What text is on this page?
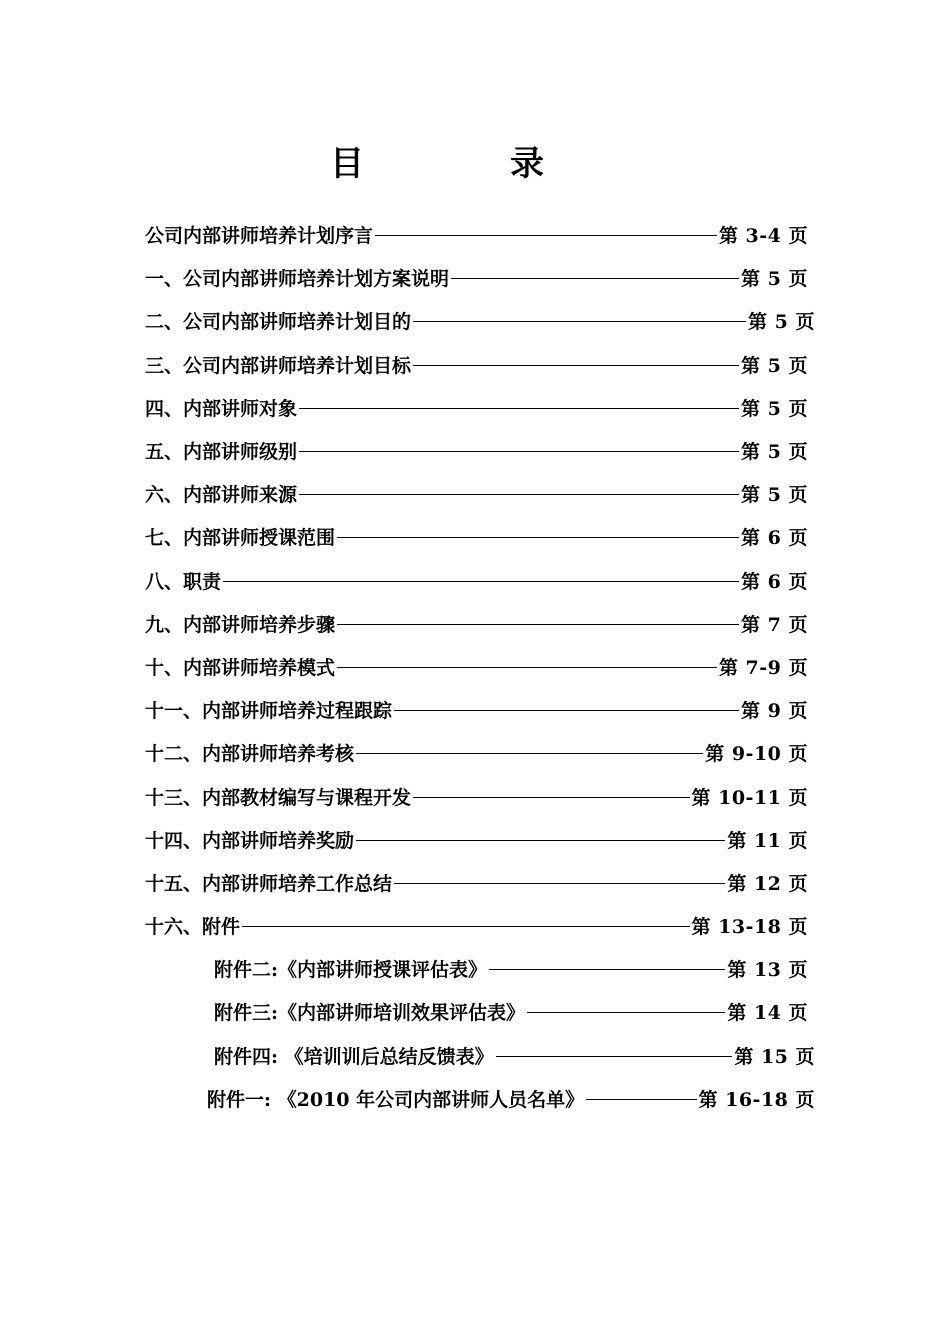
目　录
公司内部讲师培养计划序言	第 3-4 页
一、公司内部讲师培养计划方案说明	第 5 页
二、公司内部讲师培养计划目的	第 5 页
三、公司内部讲师培养计划目标	第 5 页
四、内部讲师对象	第 5 页
五、内部讲师级别	第 5 页
六、内部讲师来源	第 5 页
七、内部讲师授课范围	第 6 页
八、职责	第 6 页
九、内部讲师培养步骤	第 7 页
十、内部讲师培养模式	第 7-9 页
十一、内部讲师培养过程跟踪	第 9 页
十二、内部讲师培养考核	第 9-10 页
十三、内部教材编写与课程开发	第 10-11 页
十四、内部讲师培养奖励	第 11 页
十五、内部讲师培养工作总结	第 12 页
十六、附件	第 13-18 页
附件二:《内部讲师授课评估表》	第 13 页
附件三:《内部讲师培训效果评估表》	第 14 页
附件四: 《培训训后总结反馈表》	第 15 页
附件一: 《2010 年公司内部讲师人员名单》	第 16-18 页
